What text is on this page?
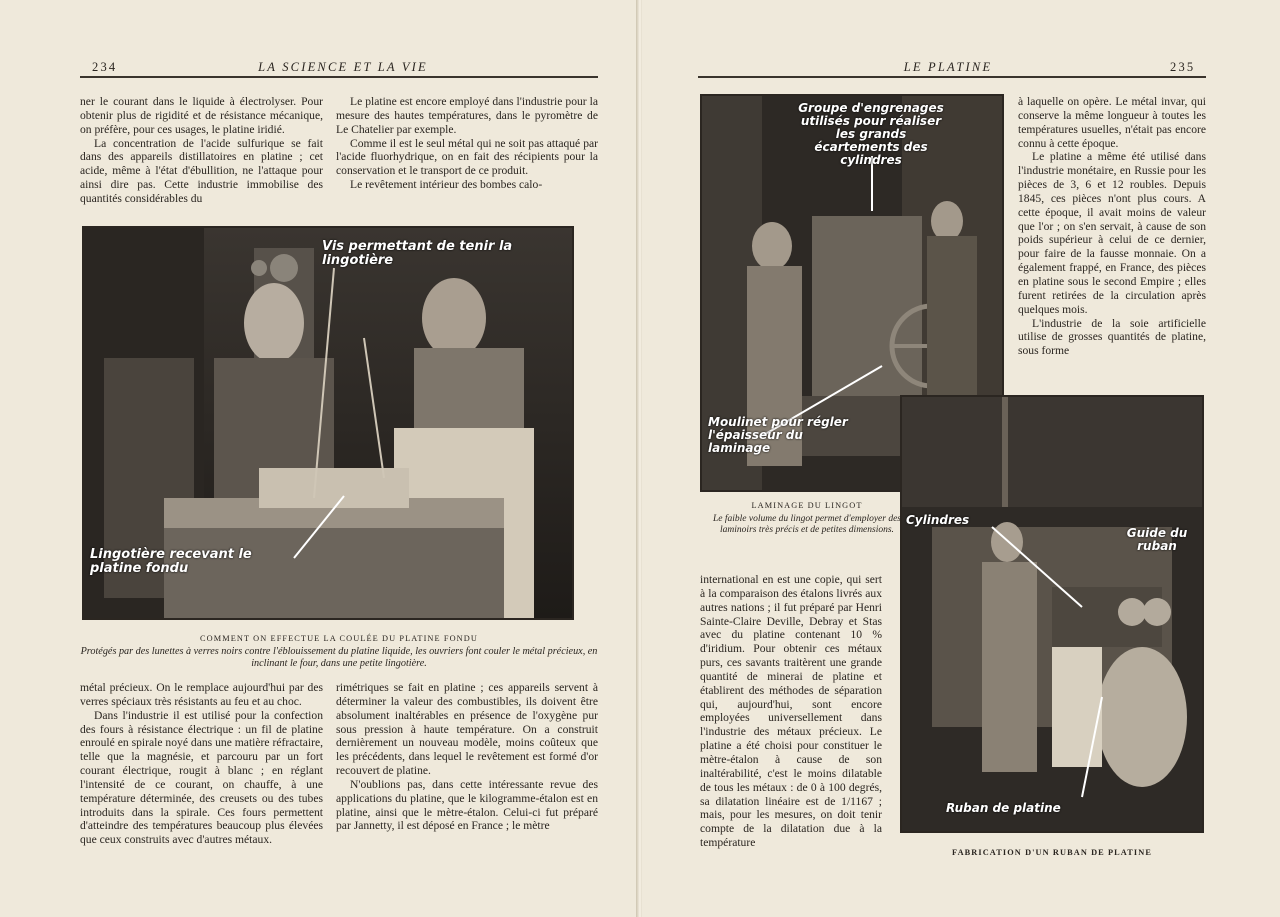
234	LA SCIENCE ET LA VIE

ner le courant dans le liquide à électrolyser. Pour obtenir plus de rigidité et de résistance mécanique, on préfère, pour ces usages, le platine iridié.

La concentration de l'acide sulfurique se fait dans des appareils distillatoires en platine ; cet acide, même à l'état d'ébullition, ne l'attaque pour ainsi dire pas. Cette industrie immobilise des quantités considérables du

Le platine est encore employé dans l'industrie pour la mesure des hautes températures, dans le pyromètre de Le Chatelier par exemple.

Comme il est le seul métal qui ne soit pas attaqué par l'acide fluorhydrique, on en fait des récipients pour la conservation et le transport de ce produit.

Le revêtement intérieur des bombes calo-

Vis permettant de tenir la lingotière
Lingotière recevant le platine fondu
COMMENT ON EFFECTUE LA COULÉE DU PLATINE FONDU
Protégés par des lunettes à verres noirs contre l'éblouissement du platine liquide, les ouvriers font couler le métal précieux, en inclinant le four, dans une petite lingotière.

métal précieux. On le remplace aujourd'hui par des verres spéciaux très résistants au feu et au choc.

Dans l'industrie il est utilisé pour la confection des fours à résistance électrique : un fil de platine enroulé en spirale noyé dans une matière réfractaire, telle que la magnésie, et parcouru par un fort courant électrique, rougit à blanc ; en réglant l'intensité de ce courant, on chauffe, à une température déterminée, des creusets ou des tubes introduits dans la spirale. Ces fours permettent d'atteindre des températures beaucoup plus élevées que ceux construits avec d'autres métaux.

rimétriques se fait en platine ; ces appareils servent à déterminer la valeur des combustibles, ils doivent être absolument inaltérables en présence de l'oxygène pur sous pression à haute température. On a construit dernièrement un nouveau modèle, moins coûteux que les précédents, dans lequel le revêtement est formé d'or recouvert de platine.

N'oublions pas, dans cette intéressante revue des applications du platine, que le kilogramme-étalon est en platine, ainsi que le mètre-étalon. Celui-ci fut préparé par Jannetty, il est déposé en France ; le mètre

LE PLATINE	235
Groupe d'engrenages utilisés pour réaliser les grands écartements des cylindres
Moulinet pour régler l'épaisseur du laminage
LAMINAGE DU LINGOT
Le faible volume du lingot permet d'employer des laminoirs très précis et de petites dimensions.

à laquelle on opère. Le métal invar, qui conserve la même longueur à toutes les températures usuelles, n'était pas encore connu à cette époque.

Le platine a même été utilisé dans l'industrie monétaire, en Russie pour les pièces de 3, 6 et 12 roubles. Depuis 1845, ces pièces n'ont plus cours. A cette époque, il avait moins de valeur que l'or ; on s'en servait, à cause de son poids supérieur à celui de ce dernier, pour faire de la fausse monnaie. On a également frappé, en France, des pièces en platine sous le second Empire ; elles furent retirées de la circulation après quelques mois.

L'industrie de la soie artificielle utilise de grosses quantités de platine, sous forme

international en est une copie, qui sert à la comparaison des étalons livrés aux autres nations ; il fut préparé par Henri Sainte-Claire Deville, Debray et Stas avec du platine contenant 10 % d'iridium. Pour obtenir ces métaux purs, ces savants traitèrent une grande quantité de minerai de platine et établirent des méthodes de séparation qui, aujourd'hui, sont encore employées universellement dans l'industrie des métaux précieux. Le platine a été choisi pour constituer le mètre-étalon à cause de son inaltérabilité, c'est le moins dilatable de tous les métaux : de 0 à 100 degrés, sa dilatation linéaire est de 1/1167 ; mais, pour les mesures, on doit tenir compte de la dilatation due à la température

Cylindres
Guide du ruban
Ruban de platine
FABRICATION D'UN RUBAN DE PLATINE
